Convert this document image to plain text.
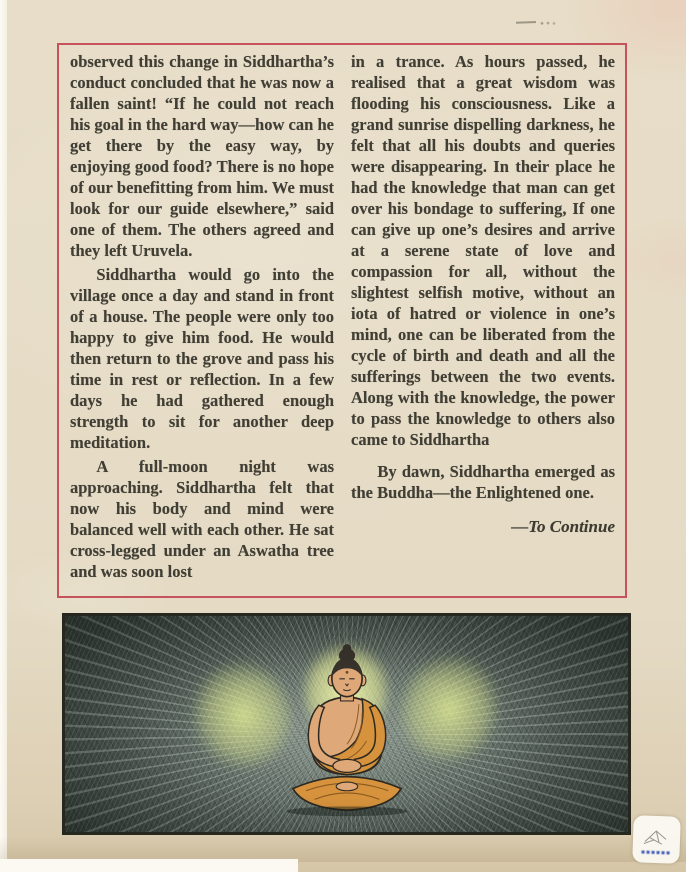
observed this change in Siddhartha’s conduct concluded that he was now a fallen saint! “If he could not reach his goal in the hard way—how can he get there by the easy way, by enjoying good food? There is no hope of our benefitting from him. We must look for our guide elsewhere,” said one of them. The others agreed and they left Uruvela.

Siddhartha would go into the village once a day and stand in front of a house. The people were only too happy to give him food. He would then return to the grove and pass his time in rest or reflection. In a few days he had gathered enough strength to sit for another deep meditation.

A full-moon night was approaching. Siddhartha felt that now his body and mind were balanced well with each other. He sat cross-legged under an Aswatha tree and was soon lost

in a trance. As hours passed, he realised that a great wisdom was flooding his consciousness. Like a grand sunrise dispelling darkness, he felt that all his doubts and queries were disappearing. In their place he had the knowledge that man can get over his bondage to suffering, If one can give up one’s desires and arrive at a serene state of love and compassion for all, without the slightest selfish motive, without an iota of hatred or violence in one’s mind, one can be liberated from the cycle of birth and death and all the sufferings between the two events. Along with the knowledge, the power to pass the knowledge to others also came to Siddhartha

By dawn, Siddhartha emerged as the Buddha—the Enlightened one.

—To Continue
